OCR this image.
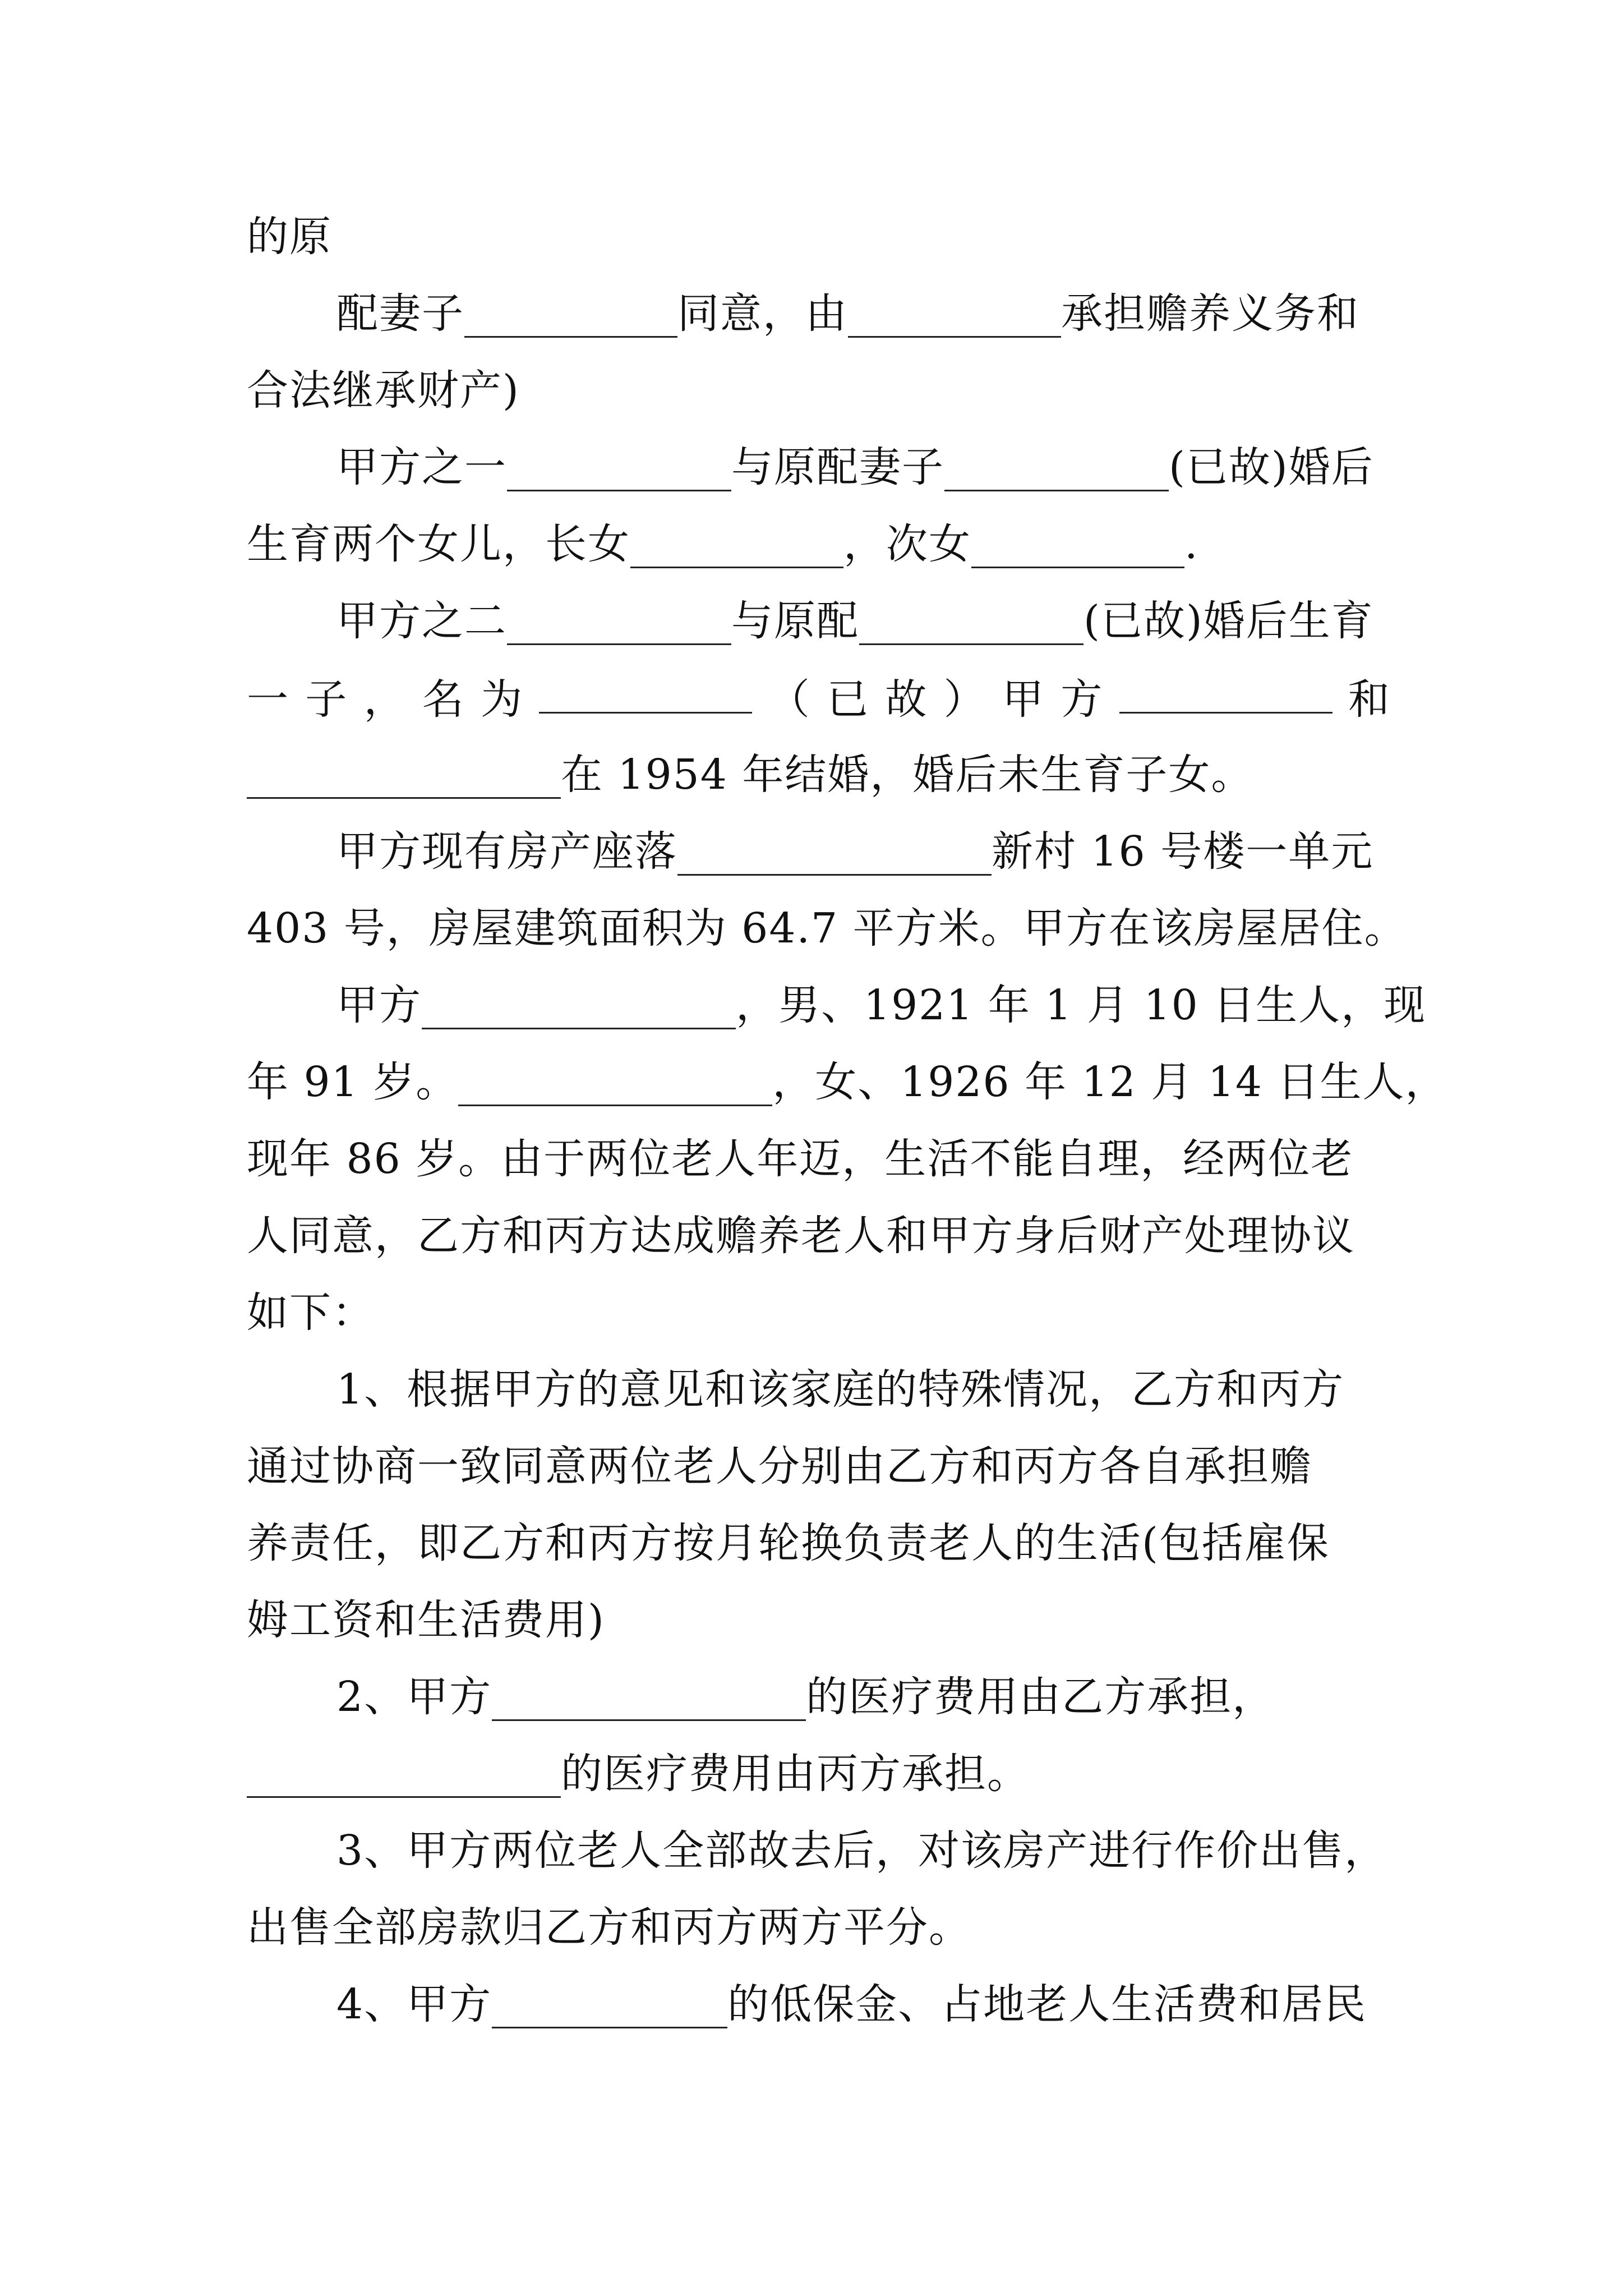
的原
配妻子	同意，由	承担赡养义务和
合法继承财产)
甲方之一	与原配妻子	(已故)婚后
生育两个女儿，长女	，次女	.
甲方之二	与原配	(已故)婚后生育
一 子 ， 名 为	（ 已 故 ） 甲 方	和
在 1954 年结婚，婚后未生育子女。
甲方现有房产座落	新村 16 号楼一单元
403 号，房屋建筑面积为 64.7 平方米。甲方在该房屋居住。
甲方	，男、1921 年 1 月 10 日生人，现
年 91 岁。	，女、1926 年 12 月 14 日生人，
现年 86 岁。由于两位老人年迈，生活不能自理，经两位老
人同意，乙方和丙方达成赡养老人和甲方身后财产处理协议
如下：
1、根据甲方的意见和该家庭的特殊情况，乙方和丙方
通过协商一致同意两位老人分别由乙方和丙方各自承担赡
养责任，即乙方和丙方按月轮换负责老人的生活(包括雇保
姆工资和生活费用)
2、甲方	的医疗费用由乙方承担，
的医疗费用由丙方承担。
3、甲方两位老人全部故去后，对该房产进行作价出售，
出售全部房款归乙方和丙方两方平分。
4、甲方	的低保金、占地老人生活费和居民
